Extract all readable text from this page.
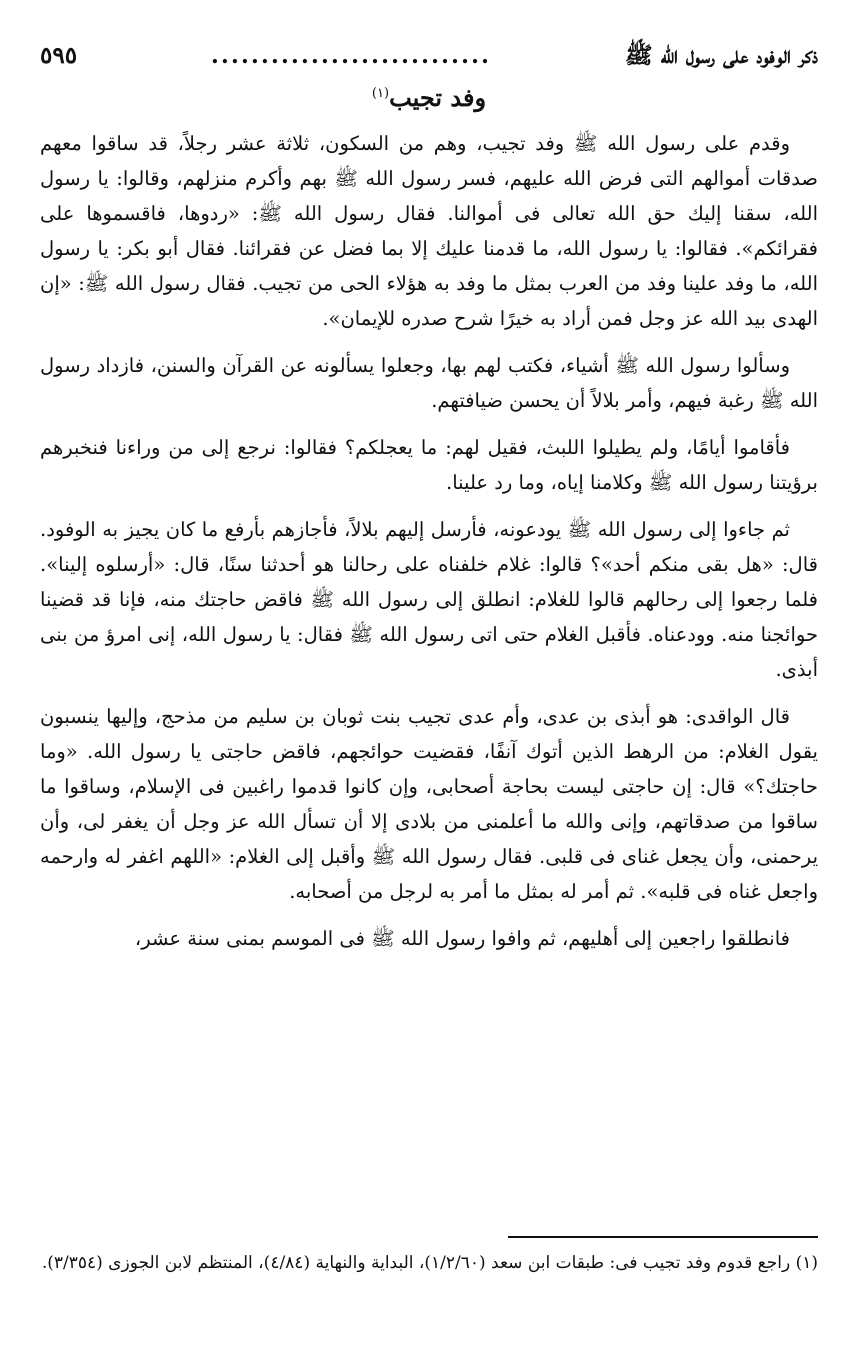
ذكر الوفود على رسول الله ﷺ
............................
٥٩٥
وفد تجيب$^{(١)}$

وقدم على رسول الله ﷺ وفد تجيب، وهم من السكون، ثلاثة عشر رجلاً، قد ساقوا معهم صدقات أموالهم التى فرض الله عليهم، فسر رسول الله ﷺ بهم وأكرم منزلهم، وقالوا: يا رسول الله، سقنا إليك حق الله تعالى فى أموالنا. فقال رسول الله ﷺ: «ردوها، فاقسموها على فقرائكم». فقالوا: يا رسول الله، ما قدمنا عليك إلا بما فضل عن فقرائنا. فقال أبو بكر: يا رسول الله، ما وفد علينا وفد من العرب بمثل ما وفد به هؤلاء الحى من تجيب. فقال رسول الله ﷺ: «إن الهدى بيد الله عز وجل فمن أراد به خيرًا شرح صدره للإيمان».

وسألوا رسول الله ﷺ أشياء، فكتب لهم بها، وجعلوا يسألونه عن القرآن والسنن، فازداد رسول الله ﷺ رغبة فيهم، وأمر بلالاً أن يحسن ضيافتهم.

فأقاموا أيامًا، ولم يطيلوا اللبث، فقيل لهم: ما يعجلكم؟ فقالوا: نرجع إلى من وراءنا فنخبرهم برؤيتنا رسول الله ﷺ وكلامنا إياه، وما رد علينا.

ثم جاءوا إلى رسول الله ﷺ يودعونه، فأرسل إليهم بلالاً، فأجازهم بأرفع ما كان يجيز به الوفود. قال: «هل بقى منكم أحد»؟ قالوا: غلام خلفناه على رحالنا هو أحدثنا سنًا، قال: «أرسلوه إلينا». فلما رجعوا إلى رحالهم قالوا للغلام: انطلق إلى رسول الله ﷺ فاقض حاجتك منه، فإنا قد قضينا حوائجنا منه. وودعناه. فأقبل الغلام حتى اتى رسول الله ﷺ فقال: يا رسول الله، إنى امرؤ من بنى أبذى.

قال الواقدى: هو أبذى بن عدى، وأم عدى تجيب بنت ثوبان بن سليم من مذحج، وإليها ينسبون يقول الغلام: من الرهط الذين أتوك آنفًا، فقضيت حوائجهم، فاقض حاجتى يا رسول الله. «وما حاجتك؟» قال: إن حاجتى ليست بحاجة أصحابى، وإن كانوا قدموا راغبين فى الإسلام، وساقوا ما ساقوا من صدقاتهم، وإنى والله ما أعلمنى من بلادى إلا أن تسأل الله عز وجل أن يغفر لى، وأن يرحمنى، وأن يجعل غناى فى قلبى. فقال رسول الله ﷺ وأقبل إلى الغلام: «اللهم اغفر له وارحمه واجعل غناه فى قلبه». ثم أمر له بمثل ما أمر به لرجل من أصحابه.

فانطلقوا راجعين إلى أهليهم، ثم وافوا رسول الله ﷺ فى الموسم بمنى سنة عشر،

(١) راجع قدوم وفد تجيب فى: طبقات ابن سعد (١/٢/٦٠)، البداية والنهاية (٤/٨٤)، المنتظم لابن الجوزى (٣/٣٥٤).
